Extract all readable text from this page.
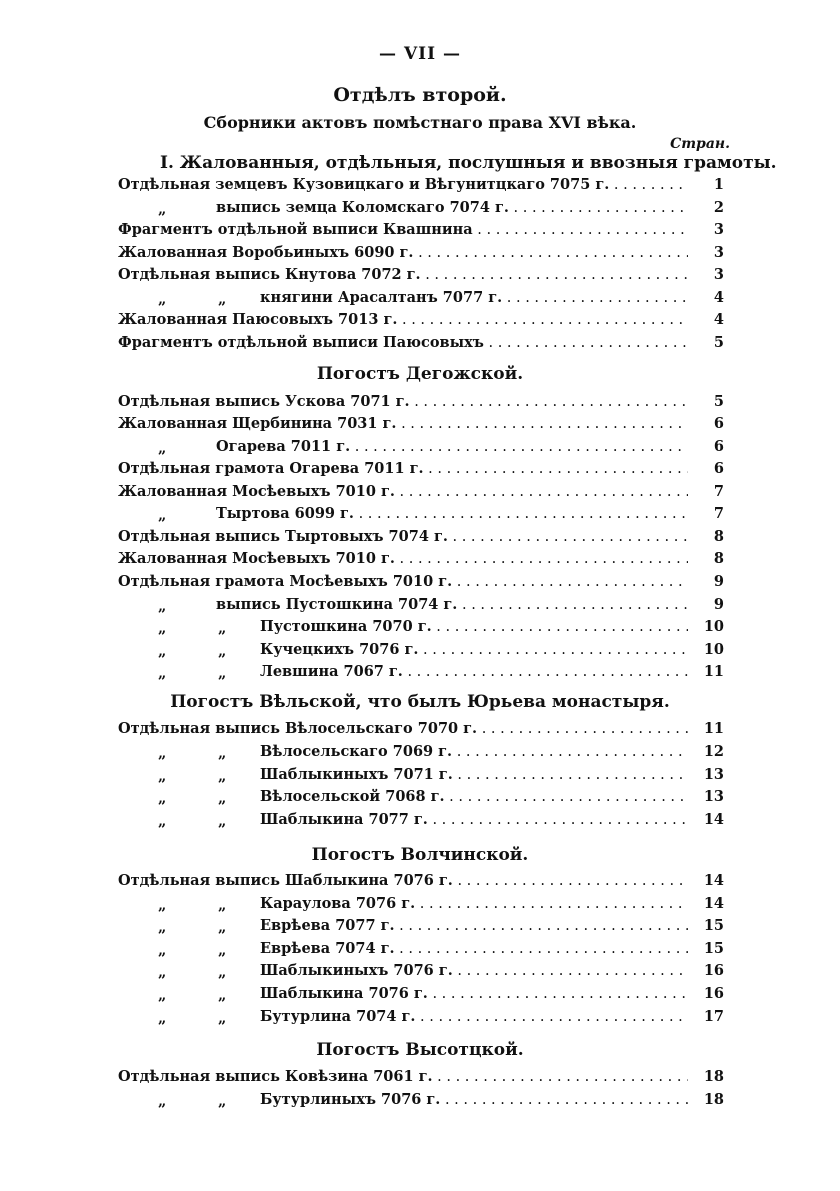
— VII —
Отдѣлъ второй.
Сборники актовъ помѣстнаго права XVI вѣка.
Стран.
I. Жалованныя, отдѣльныя, послушныя и ввозныя грамоты.
Отдѣльная земцевъ Кузовицкаго и Вѣгунитцкаго 7075 г. . . .	1
„	выпись земца Коломскаго 7074 г. . . .	2
Фрагментъ отдѣльной выписи Квашнина . . .	3
Жалованная Воробьиныхъ 6090 г. . . .	3
Отдѣльная выпись Кнутова 7072 г. . . .	3
„	„ княгини Арасалтанъ 7077 г. . . .	4
Жалованная Паюсовыхъ 7013 г. . . .	4
Фрагментъ отдѣльной выписи Паюсовыхъ . . .	5
Погостъ Дегожской.
Отдѣльная выпись Ускова 7071 г. . . .	5
Жалованная Щербинина 7031 г. . . .	6
„	Огарева 7011 г. . . .	6
Отдѣльная грамота Огарева 7011 г. . . .	6
Жалованная Мосѣевыхъ 7010 г. . . .	7
„	Тыртова 6099 г. . . .	7
Отдѣльная выпись Тыртовыхъ 7074 г. . . .	8
Жалованная Мосѣевыхъ 7010 г. . . .	8
Отдѣльная грамота Мосѣевыхъ 7010 г. . . .	9
„	выпись Пустошкина 7074 г. . . .	9
„	„ Пустошкина 7070 г. . . .	10
„	„ Кучецкихъ 7076 г. . . .	10
„	„ Левшина 7067 г. . . .	11
Погостъ Вѣльской, что былъ Юрьева монастыря.
Отдѣльная выпись Вѣлосельскаго 7070 г. . . .	11
„	„ Вѣлосельскаго 7069 г. . . .	12
„	„ Шаблыкиныхъ 7071 г. . . .	13
„	„ Вѣлосельской 7068 г. . . .	13
„	„ Шаблыкина 7077 г. . . .	14
Погостъ Волчинской.
Отдѣльная выпись Шаблыкина 7076 г. . . .	14
„	„ Караулова 7076 г. . . .	14
„	„ Еврѣева 7077 г. . . .	15
„	„ Еврѣева 7074 г. . . .	15
„	„ Шаблыкиныхъ 7076 г. . . .	16
„	„ Шаблыкина 7076 г. . . .	16
„	„ Бутурлина 7074 г. . . .	17
Погостъ Высотцкой.
Отдѣльная выпись Ковѣзина 7061 г. . . .	18
„	„ Бутурлиныхъ 7076 г. . . .	18
